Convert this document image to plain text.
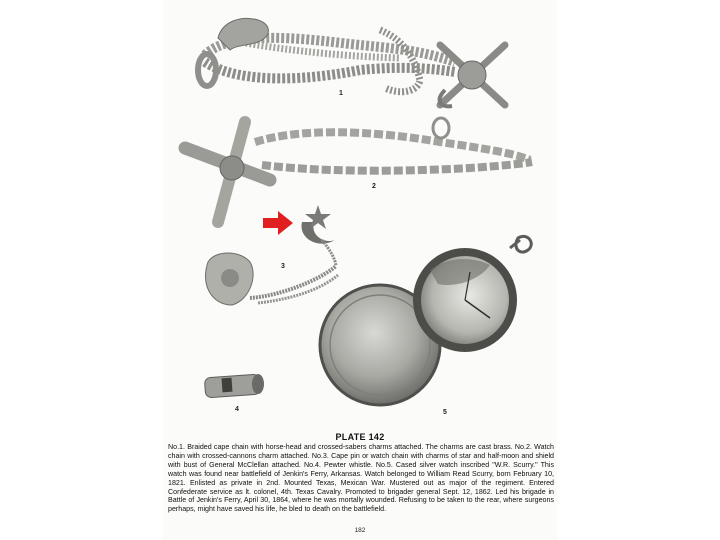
1
2
3
4	5
PLATE 142
No.1. Braided cape chain with horse-head and crossed-sabers charms attached. The charms are cast brass. No.2. Watch chain with crossed-cannons charm attached. No.3. Cape pin or watch chain with charms of star and half-moon and shield with bust of General McClellan attached. No.4. Pewter whistle. No.5. Cased silver watch inscribed "W.R. Scurry." This watch was found near battlefield of Jenkin's Ferry, Arkansas. Watch belonged to William Read Scurry, born February 10, 1821. Enlisted as private in 2nd. Mounted Texas, Mexican War. Mustered out as major of the regiment. Entered Confederate service as lt. colonel, 4th. Texas Cavalry. Promoted to brigader general Sept. 12, 1862. Led his brigade in Battle of Jenkin's Ferry, April 30, 1864, where he was mortally wounded. Refusing to be taken to the rear, where surgeons perhaps, might have saved his life, he bled to death on the battlefield.
182
